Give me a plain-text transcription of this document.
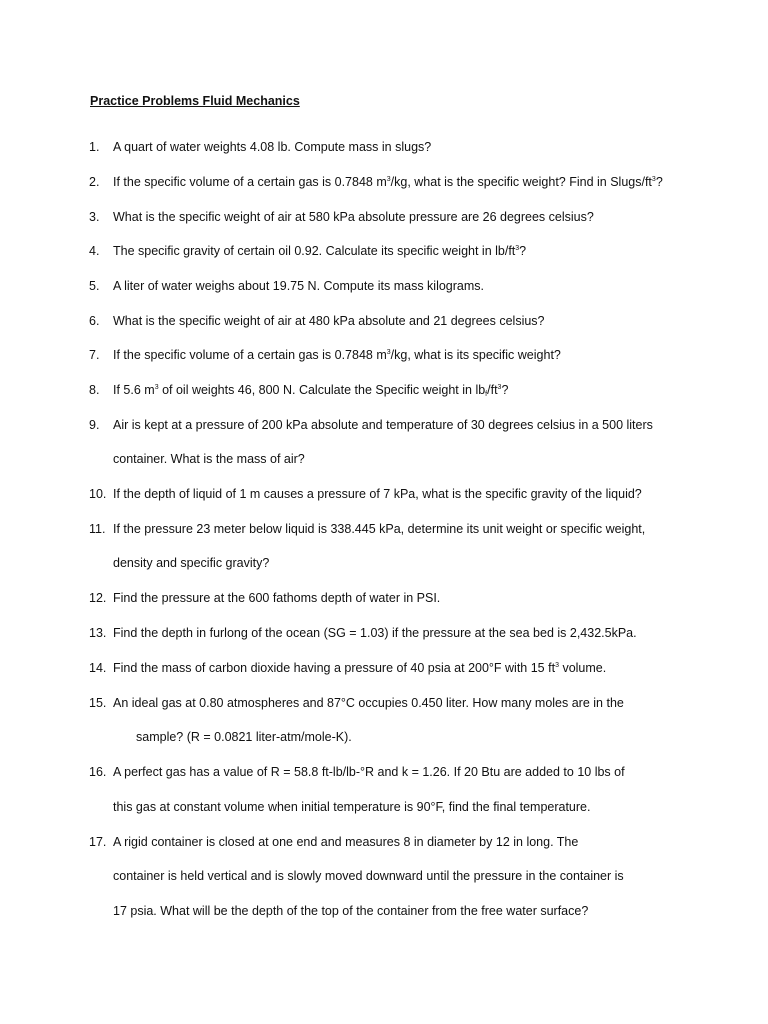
Practice Problems Fluid Mechanics
1.	A quart of water weights 4.08 lb. Compute mass in slugs?
2.	If the specific volume of a certain gas is 0.7848 $m^3/kg$, what is the specific weight? Find in Slugs/$ft^3$?
3.	What is the specific weight of air at 580 kPa absolute pressure are 26 degrees celsius?
4.	The specific gravity of certain oil 0.92. Calculate its specific weight in $lb/ft^3$?
5.	A liter of water weighs about 19.75 N. Compute its mass kilograms.
6.	What is the specific weight of air at 480 kPa absolute and 21 degrees celsius?
7.	If the specific volume of a certain gas is 0.7848 $m^3/kg$, what is its specific weight?
8.	If 5.6 $m^3$ of oil weights 46, 800 N. Calculate the Specific weight in $lb_f/ft^3$?
9.	Air is kept at a pressure of 200 kPa absolute and temperature of 30 degrees celsius in a 500 liters
container. What is the mass of air?
10. If the depth of liquid of 1 m causes a pressure of 7 kPa, what is the specific gravity of the liquid?
11. If the pressure 23 meter below liquid is 338.445 kPa, determine its unit weight or specific weight,
density and specific gravity?
12. Find the pressure at the 600 fathoms depth of water in PSI.
13. Find the depth in furlong of the ocean (SG = 1.03) if the pressure at the sea bed is 2,432.5kPa.
14. Find the mass of carbon dioxide having a pressure of 40 psia at 200°F with 15 $ft^3$ volume.
15. An ideal gas at 0.80 atmospheres and 87°C occupies 0.450 liter. How many moles are in the
sample? (R = 0.0821 liter-atm/mole-K).
16. A perfect gas has a value of R = 58.8 ft-lb/lb-°R and k = 1.26. If 20 Btu are added to 10 lbs of
this gas at constant volume when initial temperature is 90°F, find the final temperature.
17. A rigid container is closed at one end and measures 8 in diameter by 12 in long. The
container is held vertical and is slowly moved downward until the pressure in the container is
17 psia. What will be the depth of the top of the container from the free water surface?
